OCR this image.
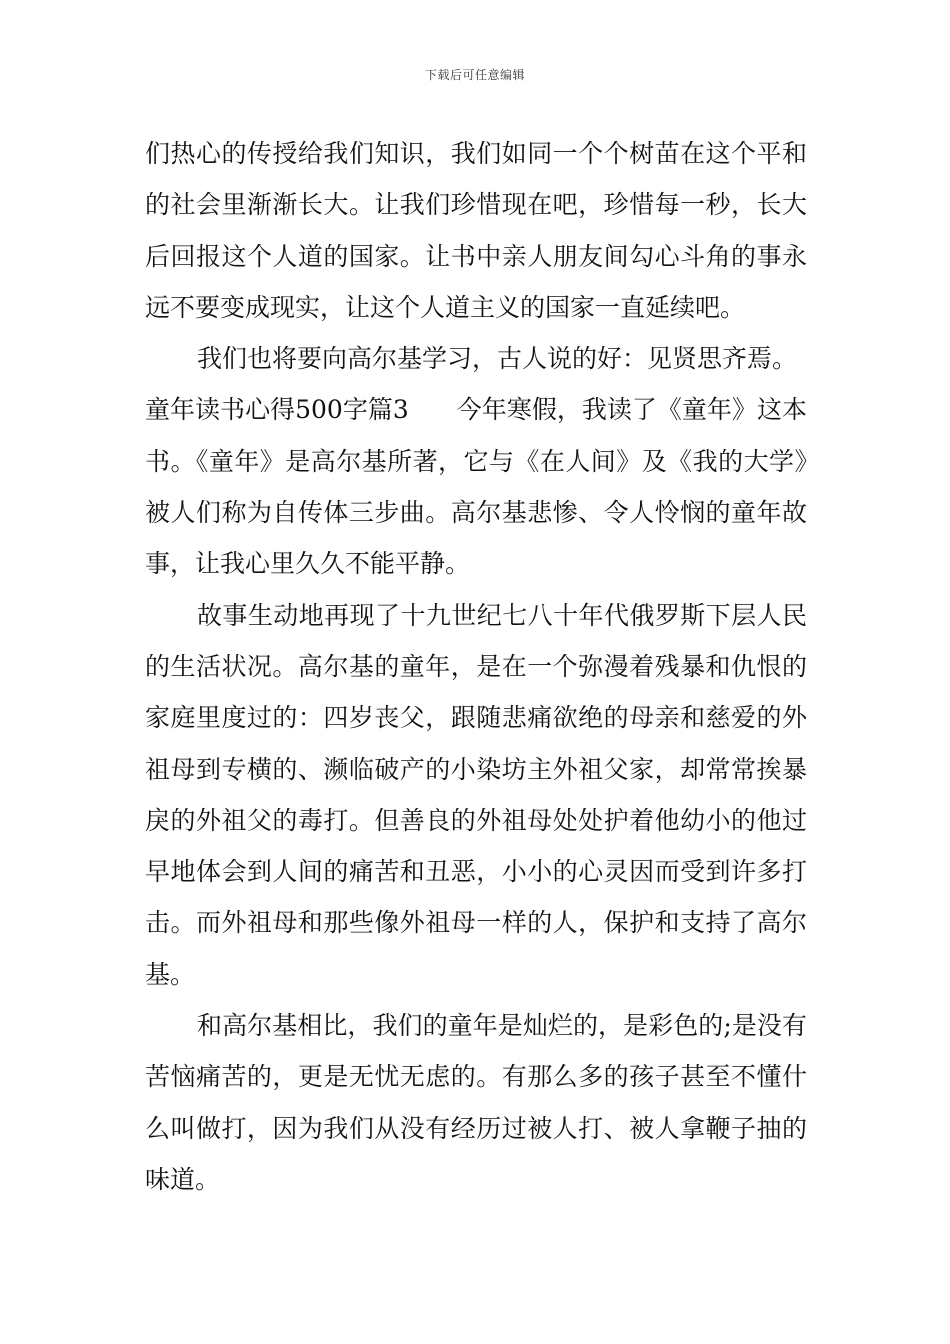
下载后可任意编辑

们热心的传授给我们知识，我们如同一个个树苗在这个平和的社会里渐渐长大。让我们珍惜现在吧，珍惜每一秒，长大后回报这个人道的国家。让书中亲人朋友间勾心斗角的事永远不要变成现实，让这个人道主义的国家一直延续吧。

我们也将要向高尔基学习，古人说的好：见贤思齐焉。

童年读书心得500字篇3 今年寒假，我读了《童年》这本书。《童年》是高尔基所著，它与《在人间》及《我的大学》被人们称为自传体三步曲。高尔基悲惨、令人怜悯的童年故事，让我心里久久不能平静。

故事生动地再现了十九世纪七八十年代俄罗斯下层人民的生活状况。高尔基的童年，是在一个弥漫着残暴和仇恨的家庭里度过的：四岁丧父，跟随悲痛欲绝的母亲和慈爱的外祖母到专横的、濒临破产的小染坊主外祖父家，却常常挨暴戾的外祖父的毒打。但善良的外祖母处处护着他幼小的他过早地体会到人间的痛苦和丑恶，小小的心灵因而受到许多打击。而外祖母和那些像外祖母一样的人，保护和支持了高尔基。

和高尔基相比，我们的童年是灿烂的，是彩色的;是没有苦恼痛苦的，更是无忧无虑的。有那么多的孩子甚至不懂什么叫做打，因为我们从没有经历过被人打、被人拿鞭子抽的味道。
